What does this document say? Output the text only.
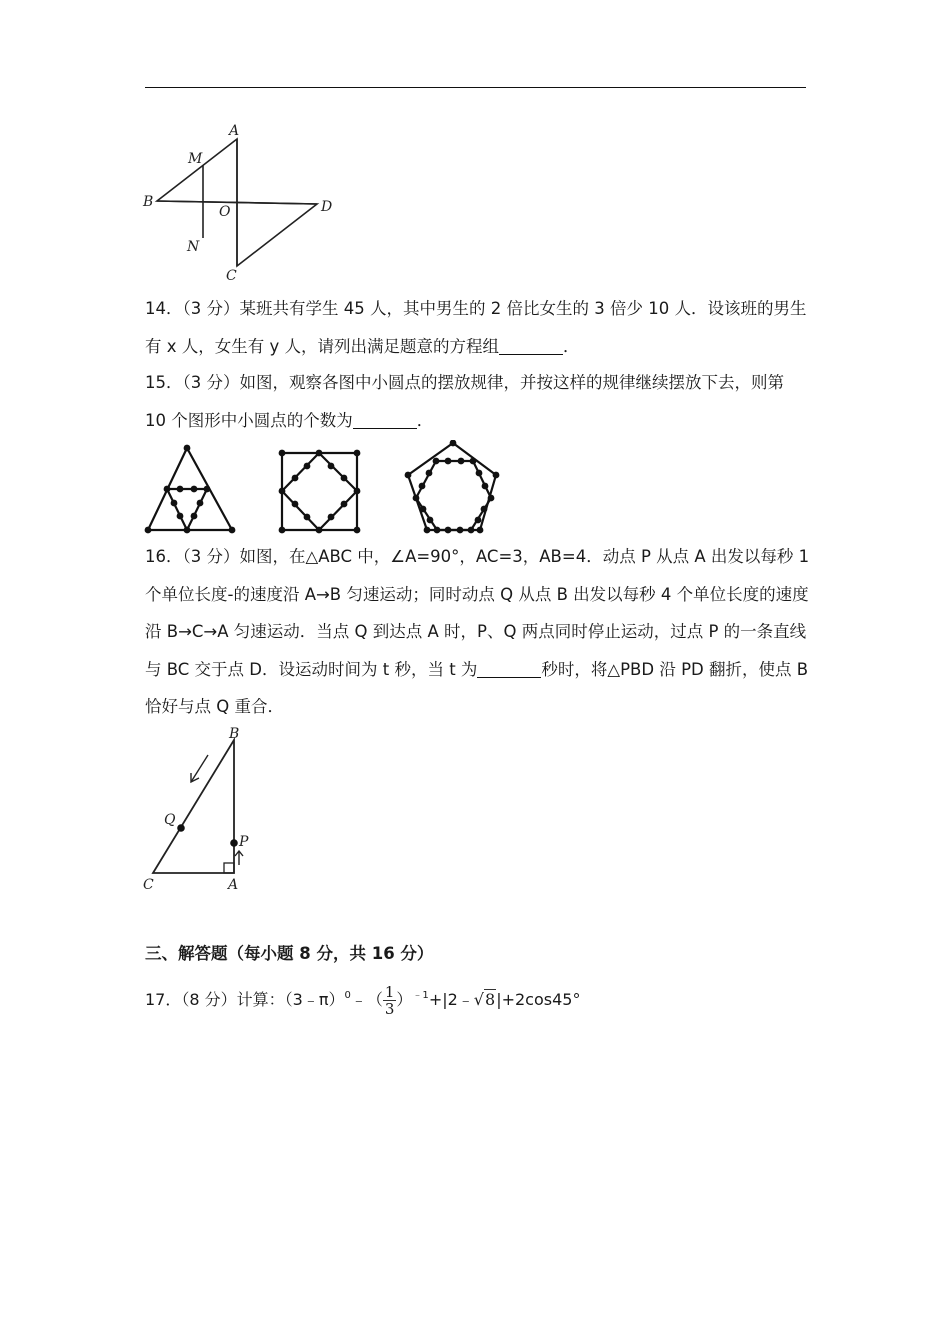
A
B
C
D
M
N
O

14．（3 分）某班共有学生 45 人，其中男生的 2 倍比女生的 3 倍少 10 人．设该班的男生有 x 人，女生有 y 人，请列出满足题意的方程组	．

15．（3 分）如图，观察各图中小圆点的摆放规律，并按这样的规律继续摆放下去，则第 10 个图形中小圆点的个数为	．

16．（3 分）如图，在△ABC 中，∠A=90°，AC=3，AB=4．动点 P 从点 A 出发以每秒 1 个单位长度-的速度沿 A→B 匀速运动；同时动点 Q 从点 B 出发以每秒 4 个单位长度的速度沿 B→C→A 匀速运动．当点 Q 到达点 A 时，P、Q 两点同时停止运动，过点 P 的一条直线与 BC 交于点 D．设运动时间为 t 秒，当 t 为	秒时，将△PBD 沿 PD 翻折，使点 B 恰好与点 Q 重合．

B
Q
P
C	A

三、解答题（每小题 8 分，共 16 分）

17．（8 分）计算：（3﹣π）$^0$﹣（ $\frac{1}{3}$ ）$^{﹣1}$+|2﹣√8|+2cos45°
